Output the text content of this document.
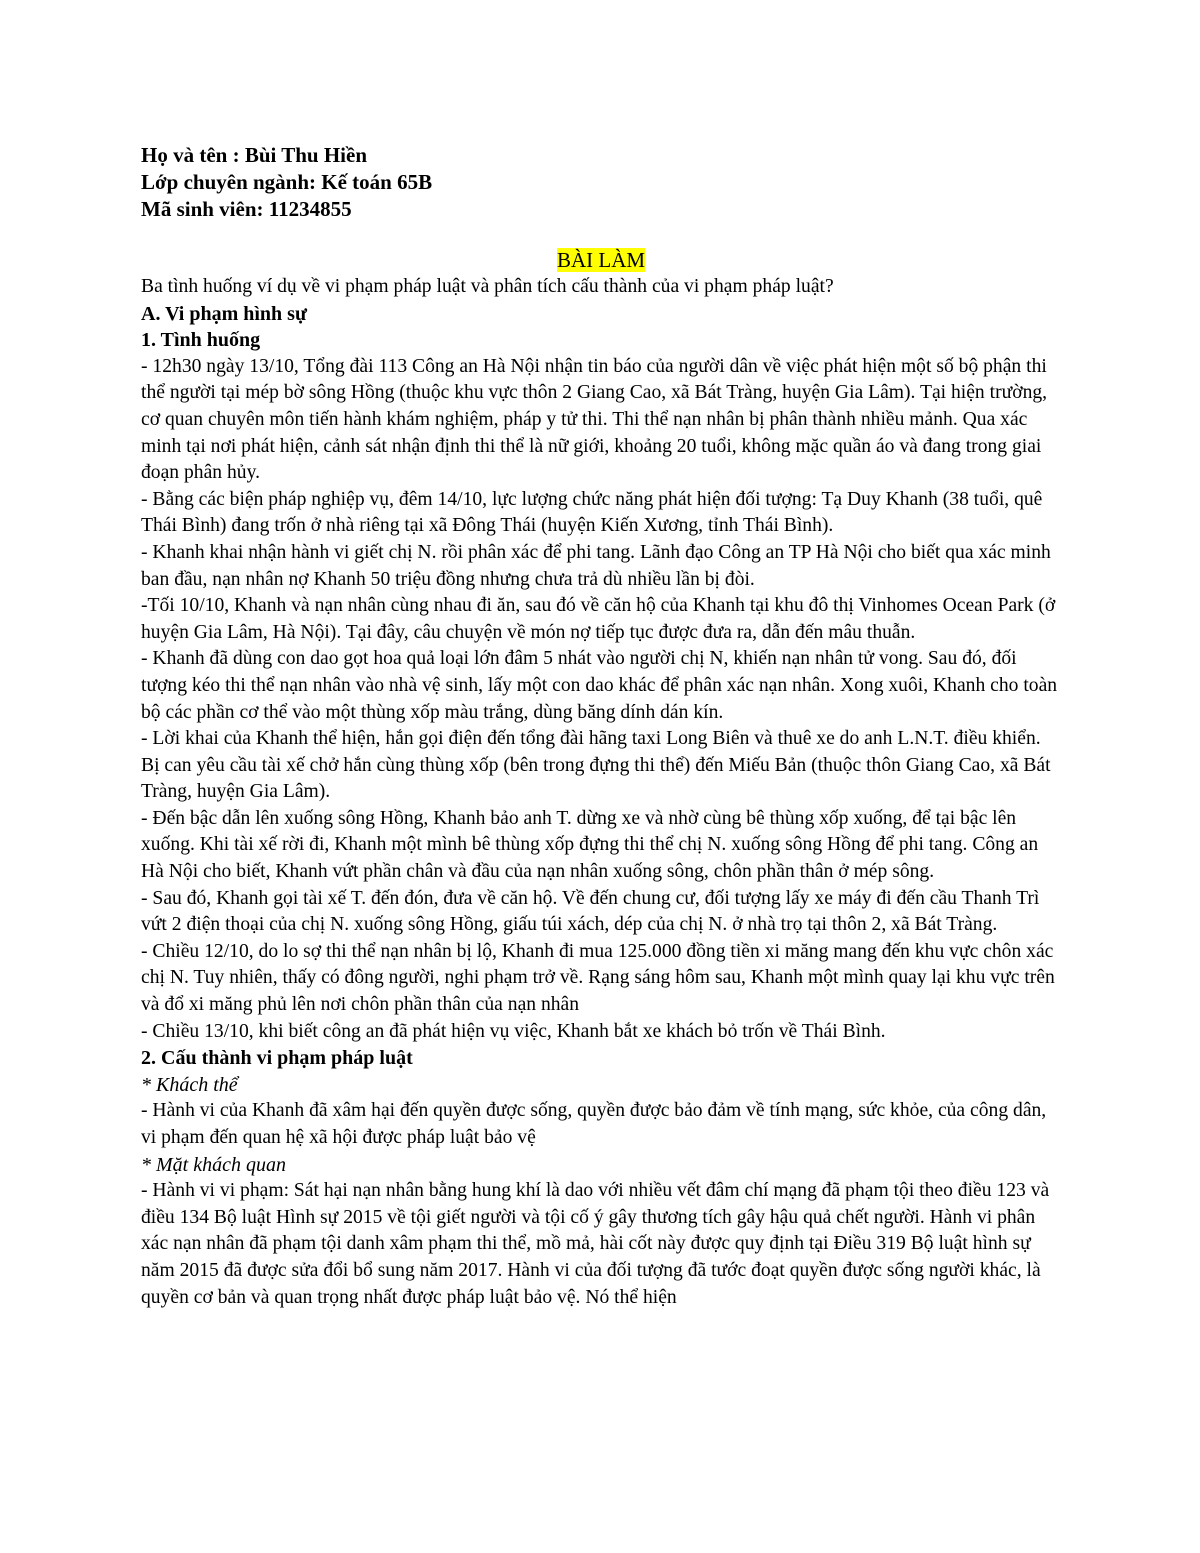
Họ và tên : Bùi Thu Hiền
Lớp chuyên ngành: Kế toán 65B
Mã sinh viên: 11234855
BÀI LÀM

Ba tình huống ví dụ về vi phạm pháp luật và phân tích cấu thành của vi phạm pháp luật?

A. Vi phạm hình sự

1. Tình huống

- 12h30 ngày 13/10, Tổng đài 113 Công an Hà Nội nhận tin báo của người dân về việc phát hiện một số bộ phận thi thể người tại mép bờ sông Hồng (thuộc khu vực thôn 2 Giang Cao, xã Bát Tràng, huyện Gia Lâm). Tại hiện trường, cơ quan chuyên môn tiến hành khám nghiệm, pháp y tử thi. Thi thể nạn nhân bị phân thành nhiều mảnh. Qua xác minh tại nơi phát hiện, cảnh sát nhận định thi thể là nữ giới, khoảng 20 tuổi, không mặc quần áo và đang trong giai đoạn phân hủy.

- Bằng các biện pháp nghiệp vụ, đêm 14/10, lực lượng chức năng phát hiện đối tượng: Tạ Duy Khanh (38 tuổi, quê Thái Bình) đang trốn ở nhà riêng tại xã Đông Thái (huyện Kiến Xương, tỉnh Thái Bình).

- Khanh khai nhận hành vi giết chị N. rồi phân xác để phi tang. Lãnh đạo Công an TP Hà Nội cho biết qua xác minh ban đầu, nạn nhân nợ Khanh 50 triệu đồng nhưng chưa trả dù nhiều lần bị đòi.

-Tối 10/10, Khanh và nạn nhân cùng nhau đi ăn, sau đó về căn hộ của Khanh tại khu đô thị Vinhomes Ocean Park (ở huyện Gia Lâm, Hà Nội). Tại đây, câu chuyện về món nợ tiếp tục được đưa ra, dẫn đến mâu thuẫn.

- Khanh đã dùng con dao gọt hoa quả loại lớn đâm 5 nhát vào người chị N, khiến nạn nhân tử vong. Sau đó, đối tượng kéo thi thể nạn nhân vào nhà vệ sinh, lấy một con dao khác để phân xác nạn nhân. Xong xuôi, Khanh cho toàn bộ các phần cơ thể vào một thùng xốp màu trắng, dùng băng dính dán kín.

- Lời khai của Khanh thể hiện, hắn gọi điện đến tổng đài hãng taxi Long Biên và thuê xe do anh L.N.T. điều khiển. Bị can yêu cầu tài xế chở hắn cùng thùng xốp (bên trong đựng thi thể) đến Miếu Bản (thuộc thôn Giang Cao, xã Bát Tràng, huyện Gia Lâm).

- Đến bậc dẫn lên xuống sông Hồng, Khanh bảo anh T. dừng xe và nhờ cùng bê thùng xốp xuống, để tại bậc lên xuống. Khi tài xế rời đi, Khanh một mình bê thùng xốp đựng thi thể chị N. xuống sông Hồng để phi tang. Công an Hà Nội cho biết, Khanh vứt phần chân và đầu của nạn nhân xuống sông, chôn phần thân ở mép sông.

- Sau đó, Khanh gọi tài xế T. đến đón, đưa về căn hộ. Về đến chung cư, đối tượng lấy xe máy đi đến cầu Thanh Trì vứt 2 điện thoại của chị N. xuống sông Hồng, giấu túi xách, dép của chị N. ở nhà trọ tại thôn 2, xã Bát Tràng.

- Chiều 12/10, do lo sợ thi thể nạn nhân bị lộ, Khanh đi mua 125.000 đồng tiền xi măng mang đến khu vực chôn xác chị N. Tuy nhiên, thấy có đông người, nghi phạm trở về. Rạng sáng hôm sau, Khanh một mình quay lại khu vực trên và đổ xi măng phủ lên nơi chôn phần thân của nạn nhân

- Chiều 13/10, khi biết công an đã phát hiện vụ việc, Khanh bắt xe khách bỏ trốn về Thái Bình.

2. Cấu thành vi phạm pháp luật

* Khách thể

- Hành vi của Khanh đã xâm hại đến quyền được sống, quyền được bảo đảm về tính mạng, sức khỏe, của công dân, vi phạm đến quan hệ xã hội được pháp luật bảo vệ

* Mặt khách quan

- Hành vi vi phạm: Sát hại nạn nhân bằng hung khí là dao với nhiều vết đâm chí mạng đã phạm tội theo điều 123 và điều 134 Bộ luật Hình sự 2015 về tội giết người và tội cố ý gây thương tích gây hậu quả chết người. Hành vi phân xác nạn nhân đã phạm tội danh xâm phạm thi thể, mồ mả, hài cốt này được quy định tại Điều 319 Bộ luật hình sự năm 2015 đã được sửa đổi bổ sung năm 2017. Hành vi của đối tượng đã tước đoạt quyền được sống người khác, là quyền cơ bản và quan trọng nhất được pháp luật bảo vệ. Nó thể hiện
